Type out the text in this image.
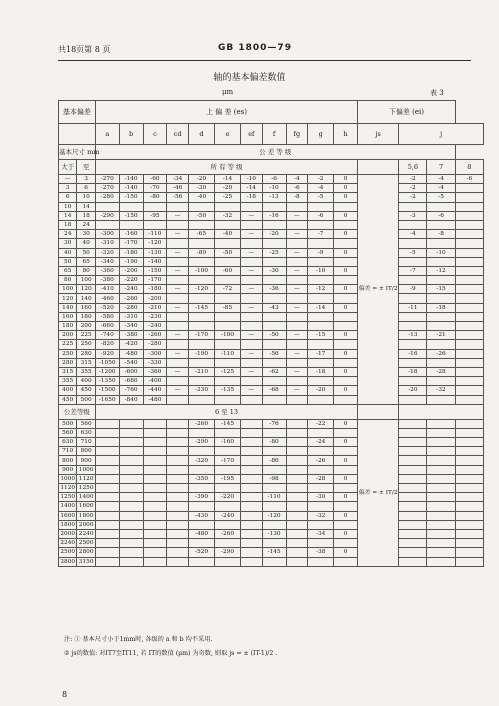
共18页第 8 页	GB 1800—79
轴的基本偏差数值
μm	表 3
基本偏差		上 偏 差 (es)											下偏差 (ei)			
		a	b	c	cd	d	e	ef	f	fg	g	h	js	j		
基本尺寸 mm		公 差 等 级														
大于	至	所 有 等 级												5,6	7	8
—	3	-270	-140	-60	-34	-20	-14	-10	-6	-4	-2	0	偏差 = ± IT/2	-2	-4	-6
3	6	-270	-140	-70	-46	-30	-20	-14	-10	-6	-4	0		-2	-4	
6	10	-280	-150	-80	-56	-40	-25	-18	-13	-8	-5	0		-2	-5	
10	14															
14	18	-290	-150	-95	—	-50	-32	—	-16	—	-6	0		-3	-6	
18	24															
24	30	-300	-160	-110	—	-65	-40	—	-20	—	-7	0		-4	-8	
30	40	-310	-170	-120												
40	50	-320	-180	-130	—	-80	-50	—	-25	—	-9	0		-5	-10	
50	65	-340	-190	-140												
65	80	-360	-200	-150	—	-100	-60	—	-30	—	-10	0		-7	-12	
80	100	-380	-220	-170												
100	120	-410	-240	-180	—	-120	-72	—	-36	—	-12	0		-9	-15	
120	140	-460	-260	-200												
140	160	-520	-280	-210	—	-145	-85	—	-43	—	-14	0		-11	-18	
160	180	-580	-310	-230												
180	200	-660	-340	-240												
200	225	-740	-380	-260	—	-170	-100	—	-50	—	-15	0		-13	-21	
225	250	-820	-420	-280												
250	280	-920	-480	-300	—	-190	-110	—	-56	—	-17	0		-16	-26	
280	315	-1050	-540	-330												
315	355	-1200	-600	-360	—	-210	-125	—	-62	—	-18	0		-18	-28	
355	400	-1350	-680	-400												
400	450	-1500	-760	-440	—	-230	-135	—	-68	—	-20	0		-20	-32	
450	500	-1650	-840	-480												
公差等级		6 至 13														
500	560					-260	-145		-76		-22	0	偏差 = ± IT/2			
560	630															
630	710					-290	-160		-80		-24	0				
710	800															
800	900					-320	-170		-86		-26	0				
900	1000															
1000	1120					-350	-195		-98		-28	0				
1120	1250															
1250	1400					-390	-220		-110		-30	0				
1400	1600															
1600	1800					-430	-240		-120		-32	0				
1800	2000															
2000	2240					-480	-260		-130		-34	0				
2240	2500															
2500	2800					-520	-290		-145		-38	0				
2800	3150															
注: ① 基本尺寸小于1mm时, 各级的 a 和 b 均不采用.
② js的数值: 对IT7至IT11, 若 IT的数值 (μm) 为奇数, 则取 js = ± (IT-1)/2 .
8
